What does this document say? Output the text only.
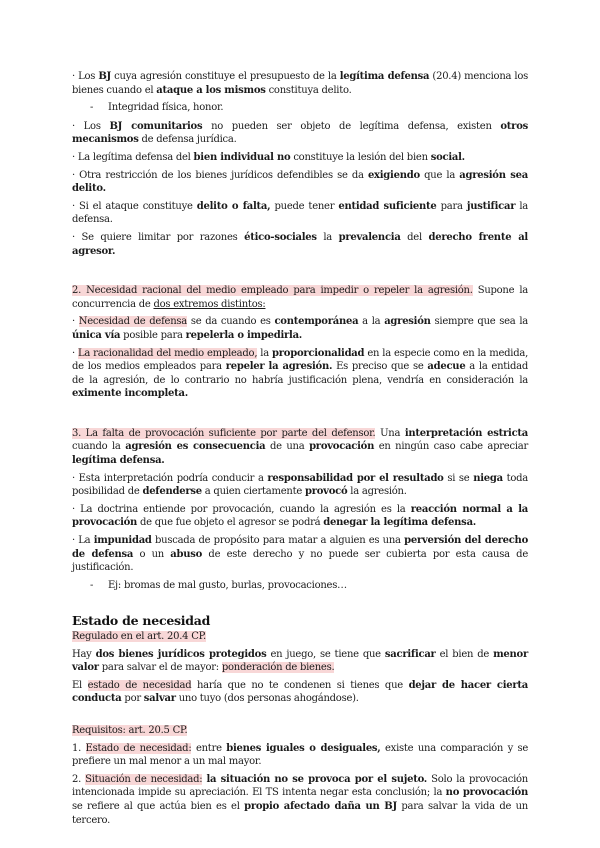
· Los BJ cuya agresión constituye el presupuesto de la legítima defensa (20.4) menciona los bienes cuando el ataque a los mismos constituya delito.

- Integridad física, honor.

· Los BJ comunitarios no pueden ser objeto de legítima defensa, existen otros mecanismos de defensa jurídica.

· La legítima defensa del bien individual no constituye la lesión del bien social.

· Otra restricción de los bienes jurídicos defendibles se da exigiendo que la agresión sea delito.

· Si el ataque constituye delito o falta, puede tener entidad suficiente para justificar la defensa.

· Se quiere limitar por razones ético-sociales la prevalencia del derecho frente al agresor.

2. Necesidad racional del medio empleado para impedir o repeler la agresión. Supone la concurrencia de dos extremos distintos:

· Necesidad de defensa se da cuando es contemporánea a la agresión siempre que sea la única vía posible para repelerla o impedirla.

· La racionalidad del medio empleado, la proporcionalidad en la especie como en la medida, de los medios empleados para repeler la agresión. Es preciso que se adecue a la entidad de la agresión, de lo contrario no habría justificación plena, vendría en consideración la eximente incompleta.

3. La falta de provocación suficiente por parte del defensor. Una interpretación estricta cuando la agresión es consecuencia de una provocación en ningún caso cabe apreciar legítima defensa.

· Esta interpretación podría conducir a responsabilidad por el resultado si se niega toda posibilidad de defenderse a quien ciertamente provocó la agresión.

· La doctrina entiende por provocación, cuando la agresión es la reacción normal a la provocación de que fue objeto el agresor se podrá denegar la legítima defensa.

· La impunidad buscada de propósito para matar a alguien es una perversión del derecho de defensa o un abuso de este derecho y no puede ser cubierta por esta causa de justificación.

- Ej: bromas de mal gusto, burlas, provocaciones…
Estado de necesidad

Regulado en el art. 20.4 CP.

Hay dos bienes jurídicos protegidos en juego, se tiene que sacrificar el bien de menor valor para salvar el de mayor: ponderación de bienes.

El estado de necesidad haría que no te condenen si tienes que dejar de hacer cierta conducta por salvar uno tuyo (dos personas ahogándose).

Requisitos: art. 20.5 CP.

1. Estado de necesidad: entre bienes iguales o desiguales, existe una comparación y se prefiere un mal menor a un mal mayor.

2. Situación de necesidad: la situación no se provoca por el sujeto. Solo la provocación intencionada impide su apreciación. El TS intenta negar esta conclusión; la no provocación se refiere al que actúa bien es el propio afectado daña un BJ para salvar la vida de un tercero.
